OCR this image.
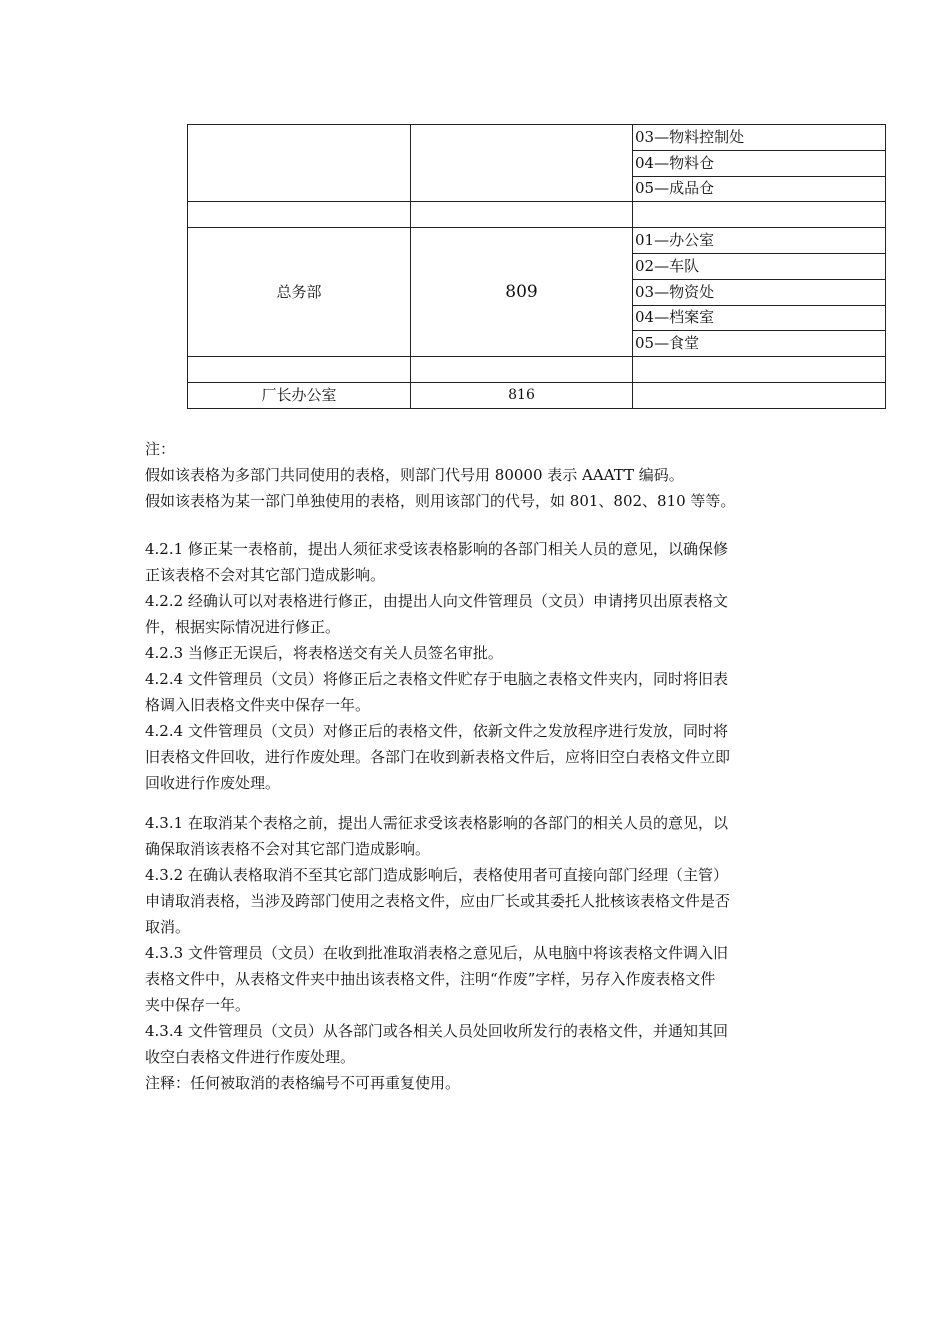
		03—物料控制处
		04—物料仓
		05—成品仓

总务部	809	01—办公室
		02—车队
		03—物资处
		04—档案室
		05—食堂

厂长办公室	816	

注：

假如该表格为多部门共同使用的表格，则部门代号用 80000 表示 AAATT 编码。

假如该表格为某一部门单独使用的表格，则用该部门的代号，如 801、802、810 等等。

4.2.1 修正某一表格前，提出人须征求受该表格影响的各部门相关人员的意见，以确保修

正该表格不会对其它部门造成影响。

4.2.2 经确认可以对表格进行修正，由提出人向文件管理员（文员）申请拷贝出原表格文

件，根据实际情况进行修正。

4.2.3 当修正无误后，将表格送交有关人员签名审批。

4.2.4 文件管理员（文员）将修正后之表格文件贮存于电脑之表格文件夹内，同时将旧表

格调入旧表格文件夹中保存一年。

4.2.4 文件管理员（文员）对修正后的表格文件，依新文件之发放程序进行发放，同时将

旧表格文件回收，进行作废处理。各部门在收到新表格文件后，应将旧空白表格文件立即

回收进行作废处理。

4.3.1 在取消某个表格之前，提出人需征求受该表格影响的各部门的相关人员的意见，以

确保取消该表格不会对其它部门造成影响。

4.3.2 在确认表格取消不至其它部门造成影响后，表格使用者可直接向部门经理（主管）

申请取消表格，当涉及跨部门使用之表格文件，应由厂长或其委托人批核该表格文件是否

取消。

4.3.3 文件管理员（文员）在收到批准取消表格之意见后，从电脑中将该表格文件调入旧

表格文件中，从表格文件夹中抽出该表格文件，注明“作废”字样，另存入作废表格文件

夹中保存一年。

4.3.4 文件管理员（文员）从各部门或各相关人员处回收所发行的表格文件，并通知其回

收空白表格文件进行作废处理。

注释：任何被取消的表格编号不可再重复使用。
